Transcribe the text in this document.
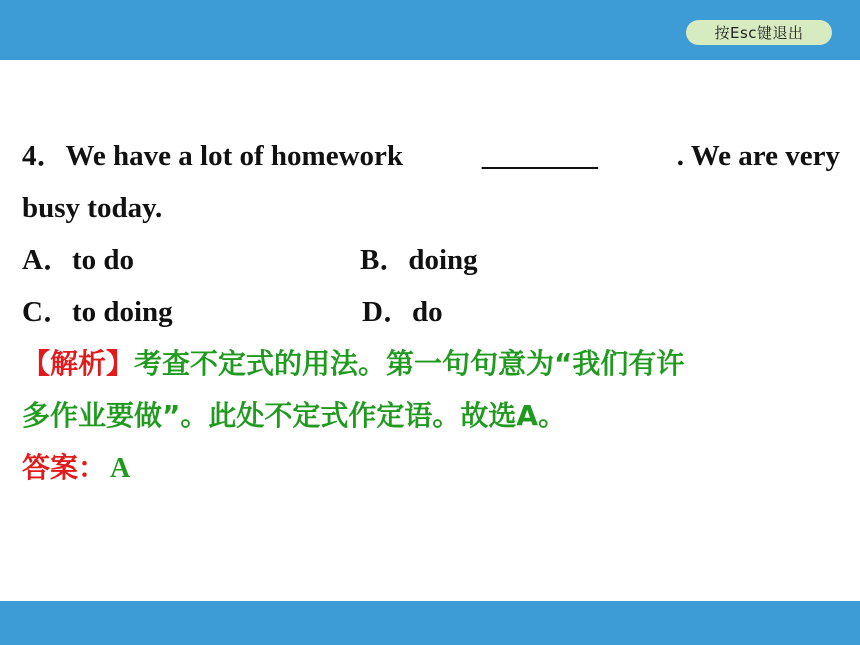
按Esc键退出
4．We have a lot of homework	________	. We are very
busy today.
A．to do	B．doing
C．to doing	D．do
【解析】考查不定式的用法。第一句句意为“我们有许
多作业要做”。此处不定式作定语。故选A。
答案： A
